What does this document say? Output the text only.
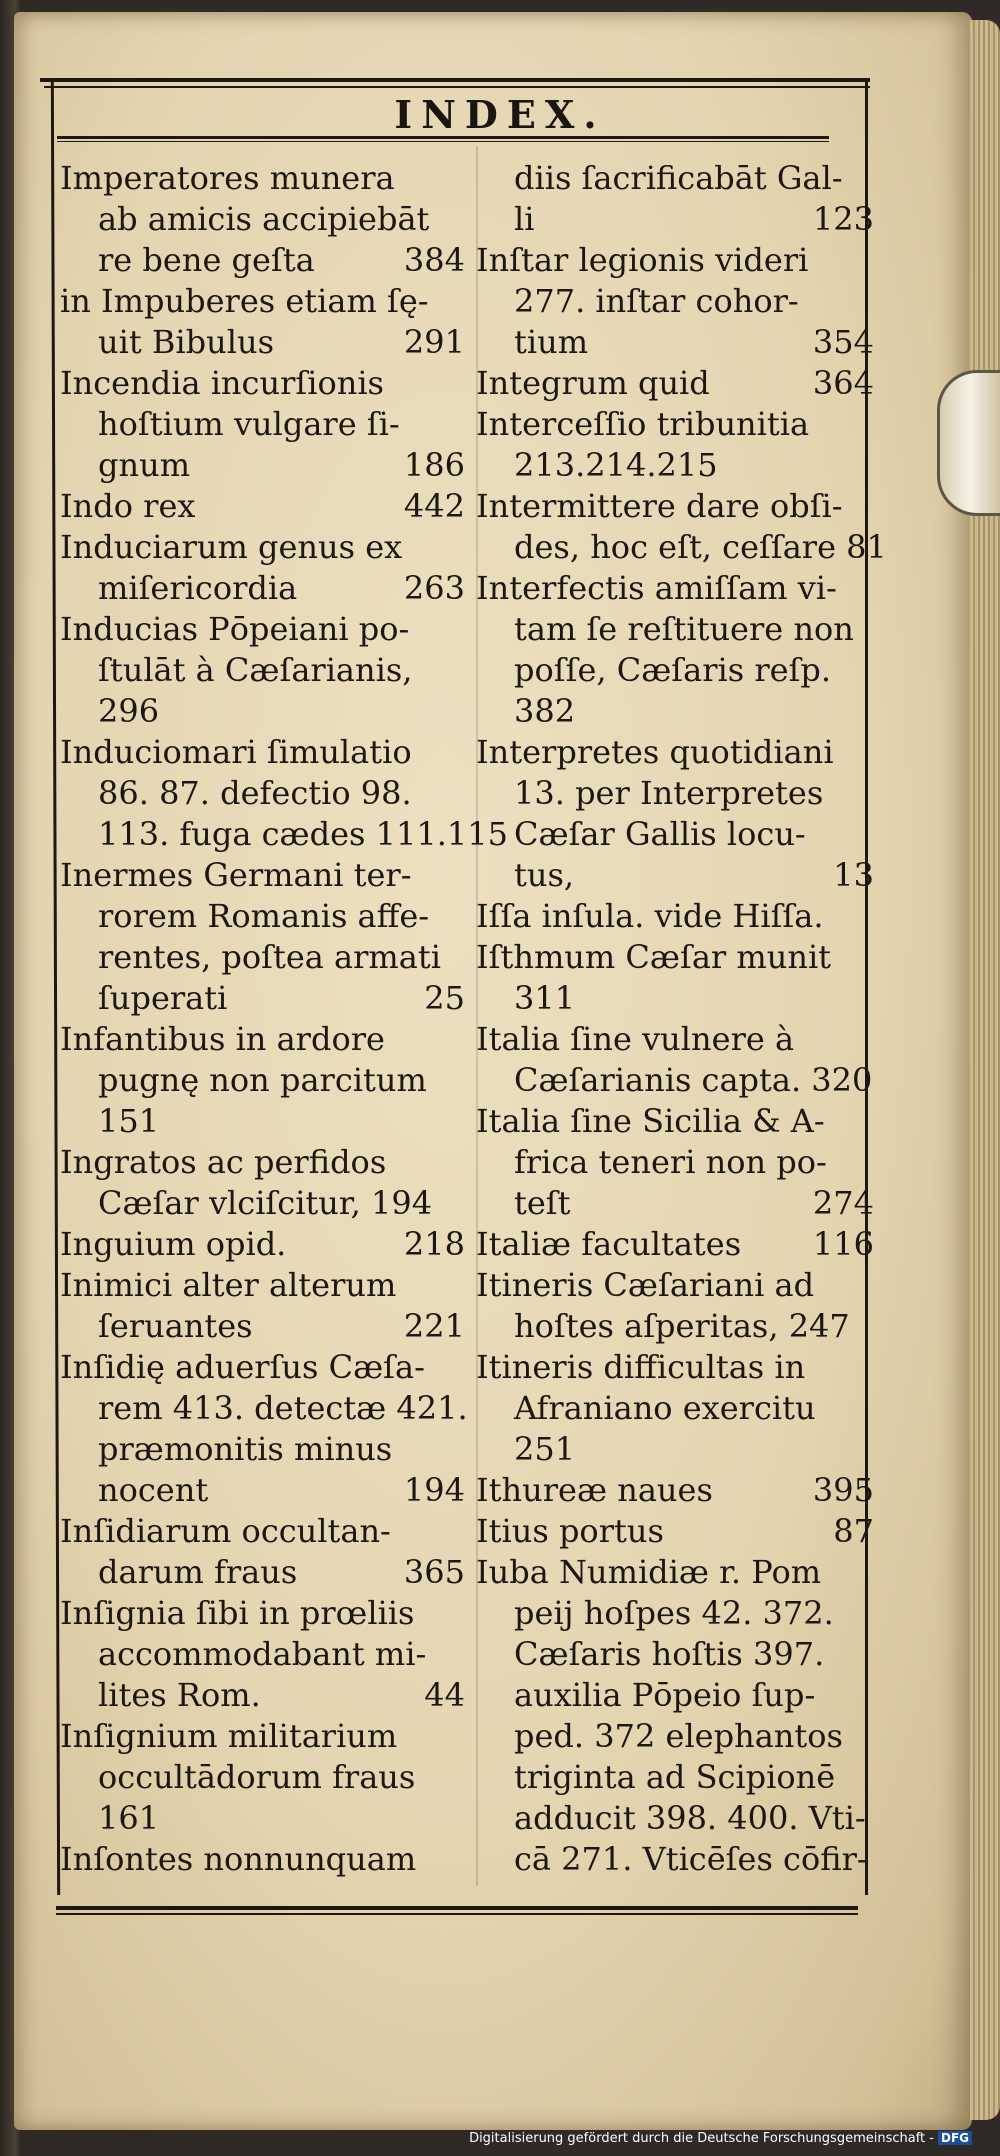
INDEX.
Imperatores munera
ab amicis accipiebāt
384
re bene geſta
in Impuberes etiam ſę-
291
uit Bibulus
Incendia incurſionis
hoſtium vulgare ſi-
186
gnum
442
Indo rex
Induciarum genus ex
263
miſericordia
Inducias Pōpeiani po-
ſtulāt à Cæſarianis,
296
Induciomari ſimulatio
86. 87. defectio 98.
113. fuga cædes 111.115
Inermes Germani ter-
rorem Romanis affe-
rentes, poſtea armati
25
ſuperati
Infantibus in ardore
pugnę non parcitum
151
Ingratos ac perfidos
Cæſar vlciſcitur, 194
218
Inguium opid.
Inimici alter alterum
221
ſeruantes
Inſidię aduerſus Cæſa-
rem 413. detectæ 421.
præmonitis minus
194
nocent
Inſidiarum occultan-
365
darum fraus
Inſignia ſibi in prœliis
accommodabant mi-
44
lites Rom.
Inſignium militarium
occultādorum fraus
161
Inſontes nonnunquam
diis ſacrificabāt Gal-
123
li
Inſtar legionis videri
277. inſtar cohor-
354
tium
364
Integrum quid
Interceſſio tribunitia
213.214.215
Intermittere dare obſi-
des, hoc eſt, ceſſare 81
Interfectis amiſſam vi-
tam ſe reſtituere non
poſſe, Cæſaris reſp.
382
Interpretes quotidiani
13. per Interpretes
Cæſar Gallis locu-
13
tus,
Iſſa inſula. vide Hiſſa.
Iſthmum Cæſar munit
311
Italia ſine vulnere à
Cæſarianis capta. 320
Italia ſine Sicilia & A-
frica teneri non po-
274
teſt
116
Italiæ facultates
Itineris Cæſariani ad
hoſtes aſperitas, 247
Itineris difficultas in
Afraniano exercitu
251
395
Ithureæ naues
87
Itius portus
Iuba Numidiæ r. Pom
peij hoſpes 42. 372.
Cæſaris hoſtis 397.
auxilia Pōpeio ſup-
ped. 372 elephantos
triginta ad Scipionē
adducit 398. 400. Vti-
cā 271. Vticēſes cōfir-
Digitalisierung gefördert durch die Deutsche Forschungsgemeinschaft - DFG
